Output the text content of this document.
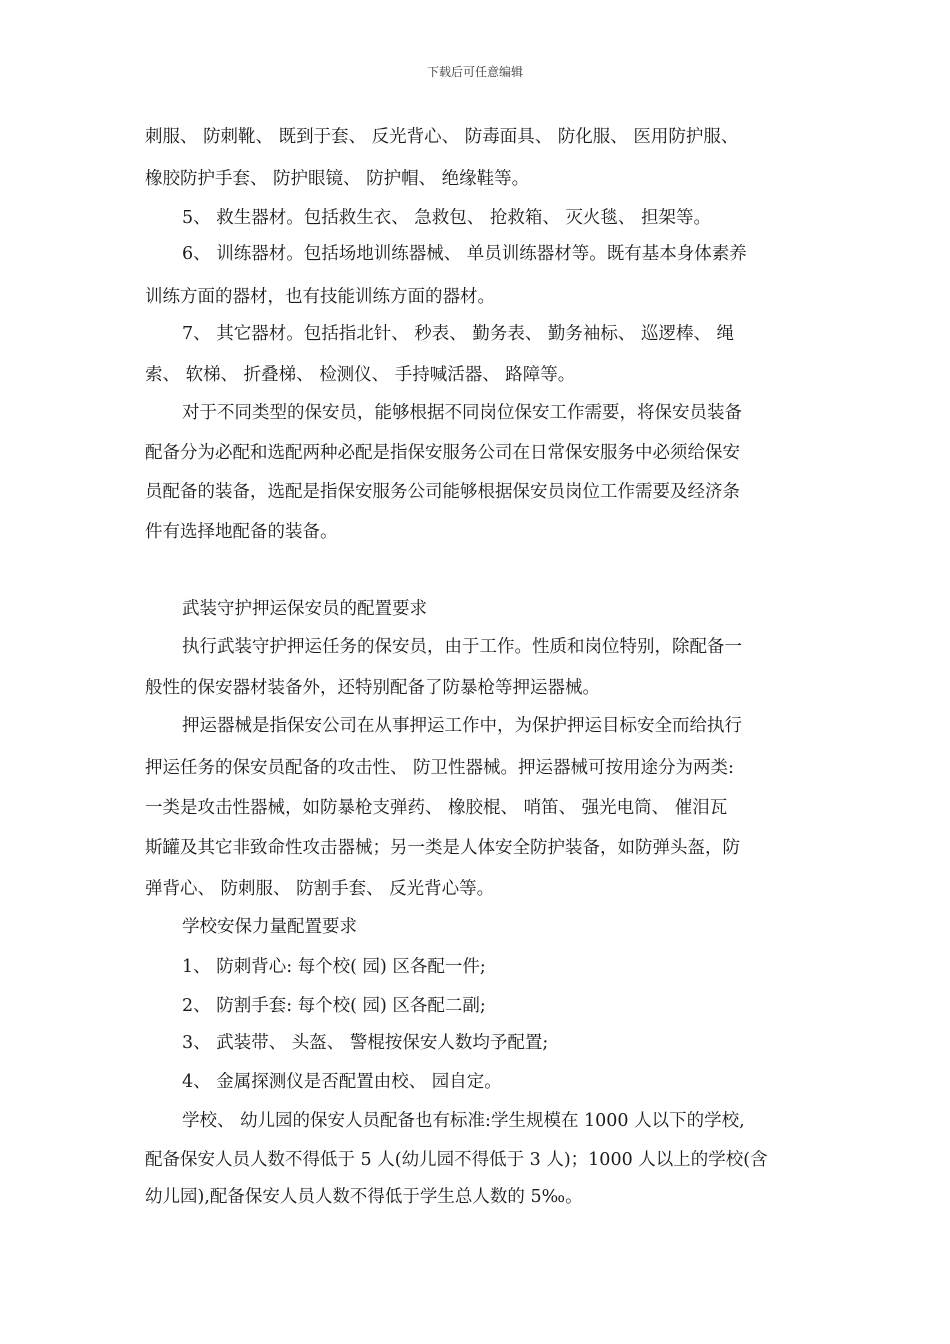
下载后可任意编辑
刺服、 防刺靴、 既到于套、 反光背心、 防毒面具、 防化服、 医用防护服、
橡胶防护手套、 防护眼镜、 防护帽、 绝缘鞋等。
5、 救生器材。包括救生衣、 急救包、 抢救箱、 灭火毯、 担架等。
6、 训练器材。包括场地训练器械、 单员训练器材等。既有基本身体素养
训练方面的器材，也有技能训练方面的器材。
7、 其它器材。包括指北针、 秒表、 勤务表、 勤务袖标、 巡逻棒、 绳
索、 软梯、 折叠梯、 检测仪、 手持喊活器、 路障等。
对于不同类型的保安员，能够根据不同岗位保安工作需要，将保安员装备
配备分为必配和选配两种必配是指保安服务公司在日常保安服务中必须给保安
员配备的装备，选配是指保安服务公司能够根据保安员岗位工作需要及经济条
件有选择地配备的装备。
武装守护押运保安员的配置要求
执行武装守护押运任务的保安员，由于工作。性质和岗位特别，除配备一
般性的保安器材装备外，还特别配备了防暴枪等押运器械。
押运器械是指保安公司在从事押运工作中，为保护押运目标安全而给执行
押运任务的保安员配备的攻击性、 防卫性器械。押运器械可按用途分为两类:
一类是攻击性器械，如防暴枪支弹药、 橡胶棍、 哨笛、 强光电筒、 催泪瓦
斯罐及其它非致命性攻击器械；另一类是人体安全防护装备，如防弹头盔，防
弹背心、 防刺服、 防割手套、 反光背心等。
学校安保力量配置要求
1、 防刺背心: 每个校( 园) 区各配一件;
2、 防割手套: 每个校( 园) 区各配二副;
3、 武装带、 头盔、 警棍按保安人数均予配置;
4、 金属探测仪是否配置由校、 园自定。
学校、 幼儿园的保安人员配备也有标准:学生规模在 1000 人以下的学校,
配备保安人员人数不得低于 5 人(幼儿园不得低于 3 人)；1000 人以上的学校(含
幼儿园),配备保安人员人数不得低于学生总人数的 5‰。
